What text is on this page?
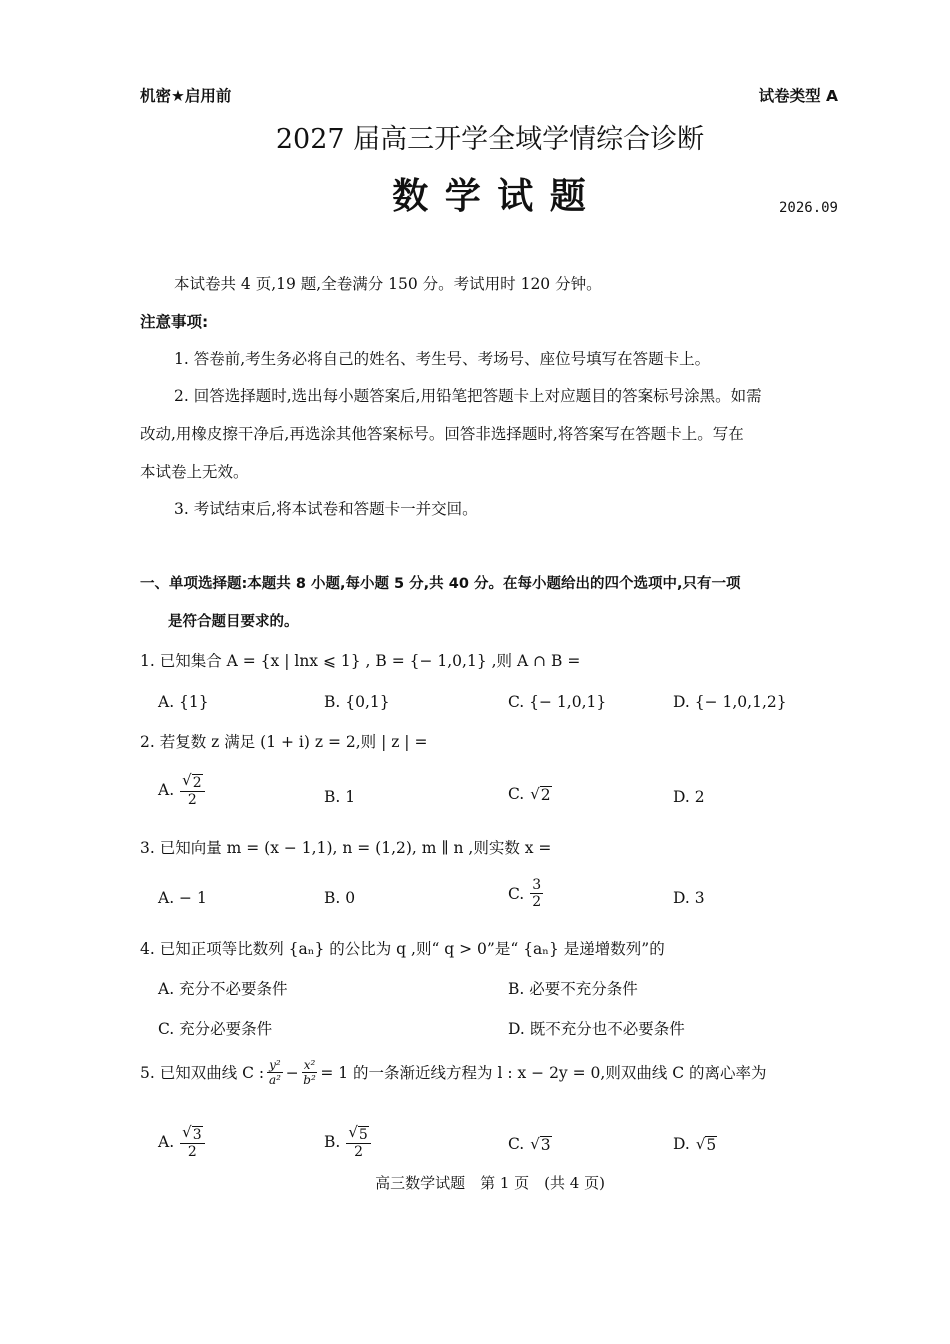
机密★启用前	试卷类型 A
2027 届高三开学全域学情综合诊断
数 学 试 题	2026.09
本试卷共 4 页,19 题,全卷满分 150 分。考试用时 120 分钟。
注意事项:
1. 答卷前,考生务必将自己的姓名、考生号、考场号、座位号填写在答题卡上。
2. 回答选择题时,选出每小题答案后,用铅笔把答题卡上对应题目的答案标号涂黑。如需
改动,用橡皮擦干净后,再选涂其他答案标号。回答非选择题时,将答案写在答题卡上。写在
本试卷上无效。
3. 考试结束后,将本试卷和答题卡一并交回。
一、单项选择题:本题共 8 小题,每小题 5 分,共 40 分。在每小题给出的四个选项中,只有一项
是符合题目要求的。
1. 已知集合 A = {x | lnx ⩽ 1} , B = {− 1,0,1} ,则 A ∩ B =
A. {1}	B. {0,1}	C. {− 1,0,1}	D. {− 1,0,1,2}
2. 若复数 z 满足 (1 + i) z = 2,则 | z | =
A. $\frac{√ 2}{2}$	B. 1	C. √ 2	D. 2
3. 已知向量 m = (x − 1,1), n = (1,2), m ∥ n ,则实数 x =
A. − 1	B. 0	C. $\frac{3}{2}$	D. 3
4. 已知正项等比数列 {aₙ} 的公比为 q ,则“ q > 0”是“ {aₙ} 是递增数列”的
A. 充分不必要条件	B. 必要不充分条件
C. 充分必要条件	D. 既不充分也不必要条件
5. 已知双曲线 C : $\frac{\text{y²}}{\text{a²}} - \frac{\text{x²}}{\text{b²}} = 1$ 的一条渐近线方程为 l : x − 2y = 0,则双曲线 C 的离心率为
A. $\frac{√ 3}{2}$	B. $\frac{√ 5}{2}$	C. √ 3	D. √ 5
高三数学试题　第 1 页　(共 4 页)
